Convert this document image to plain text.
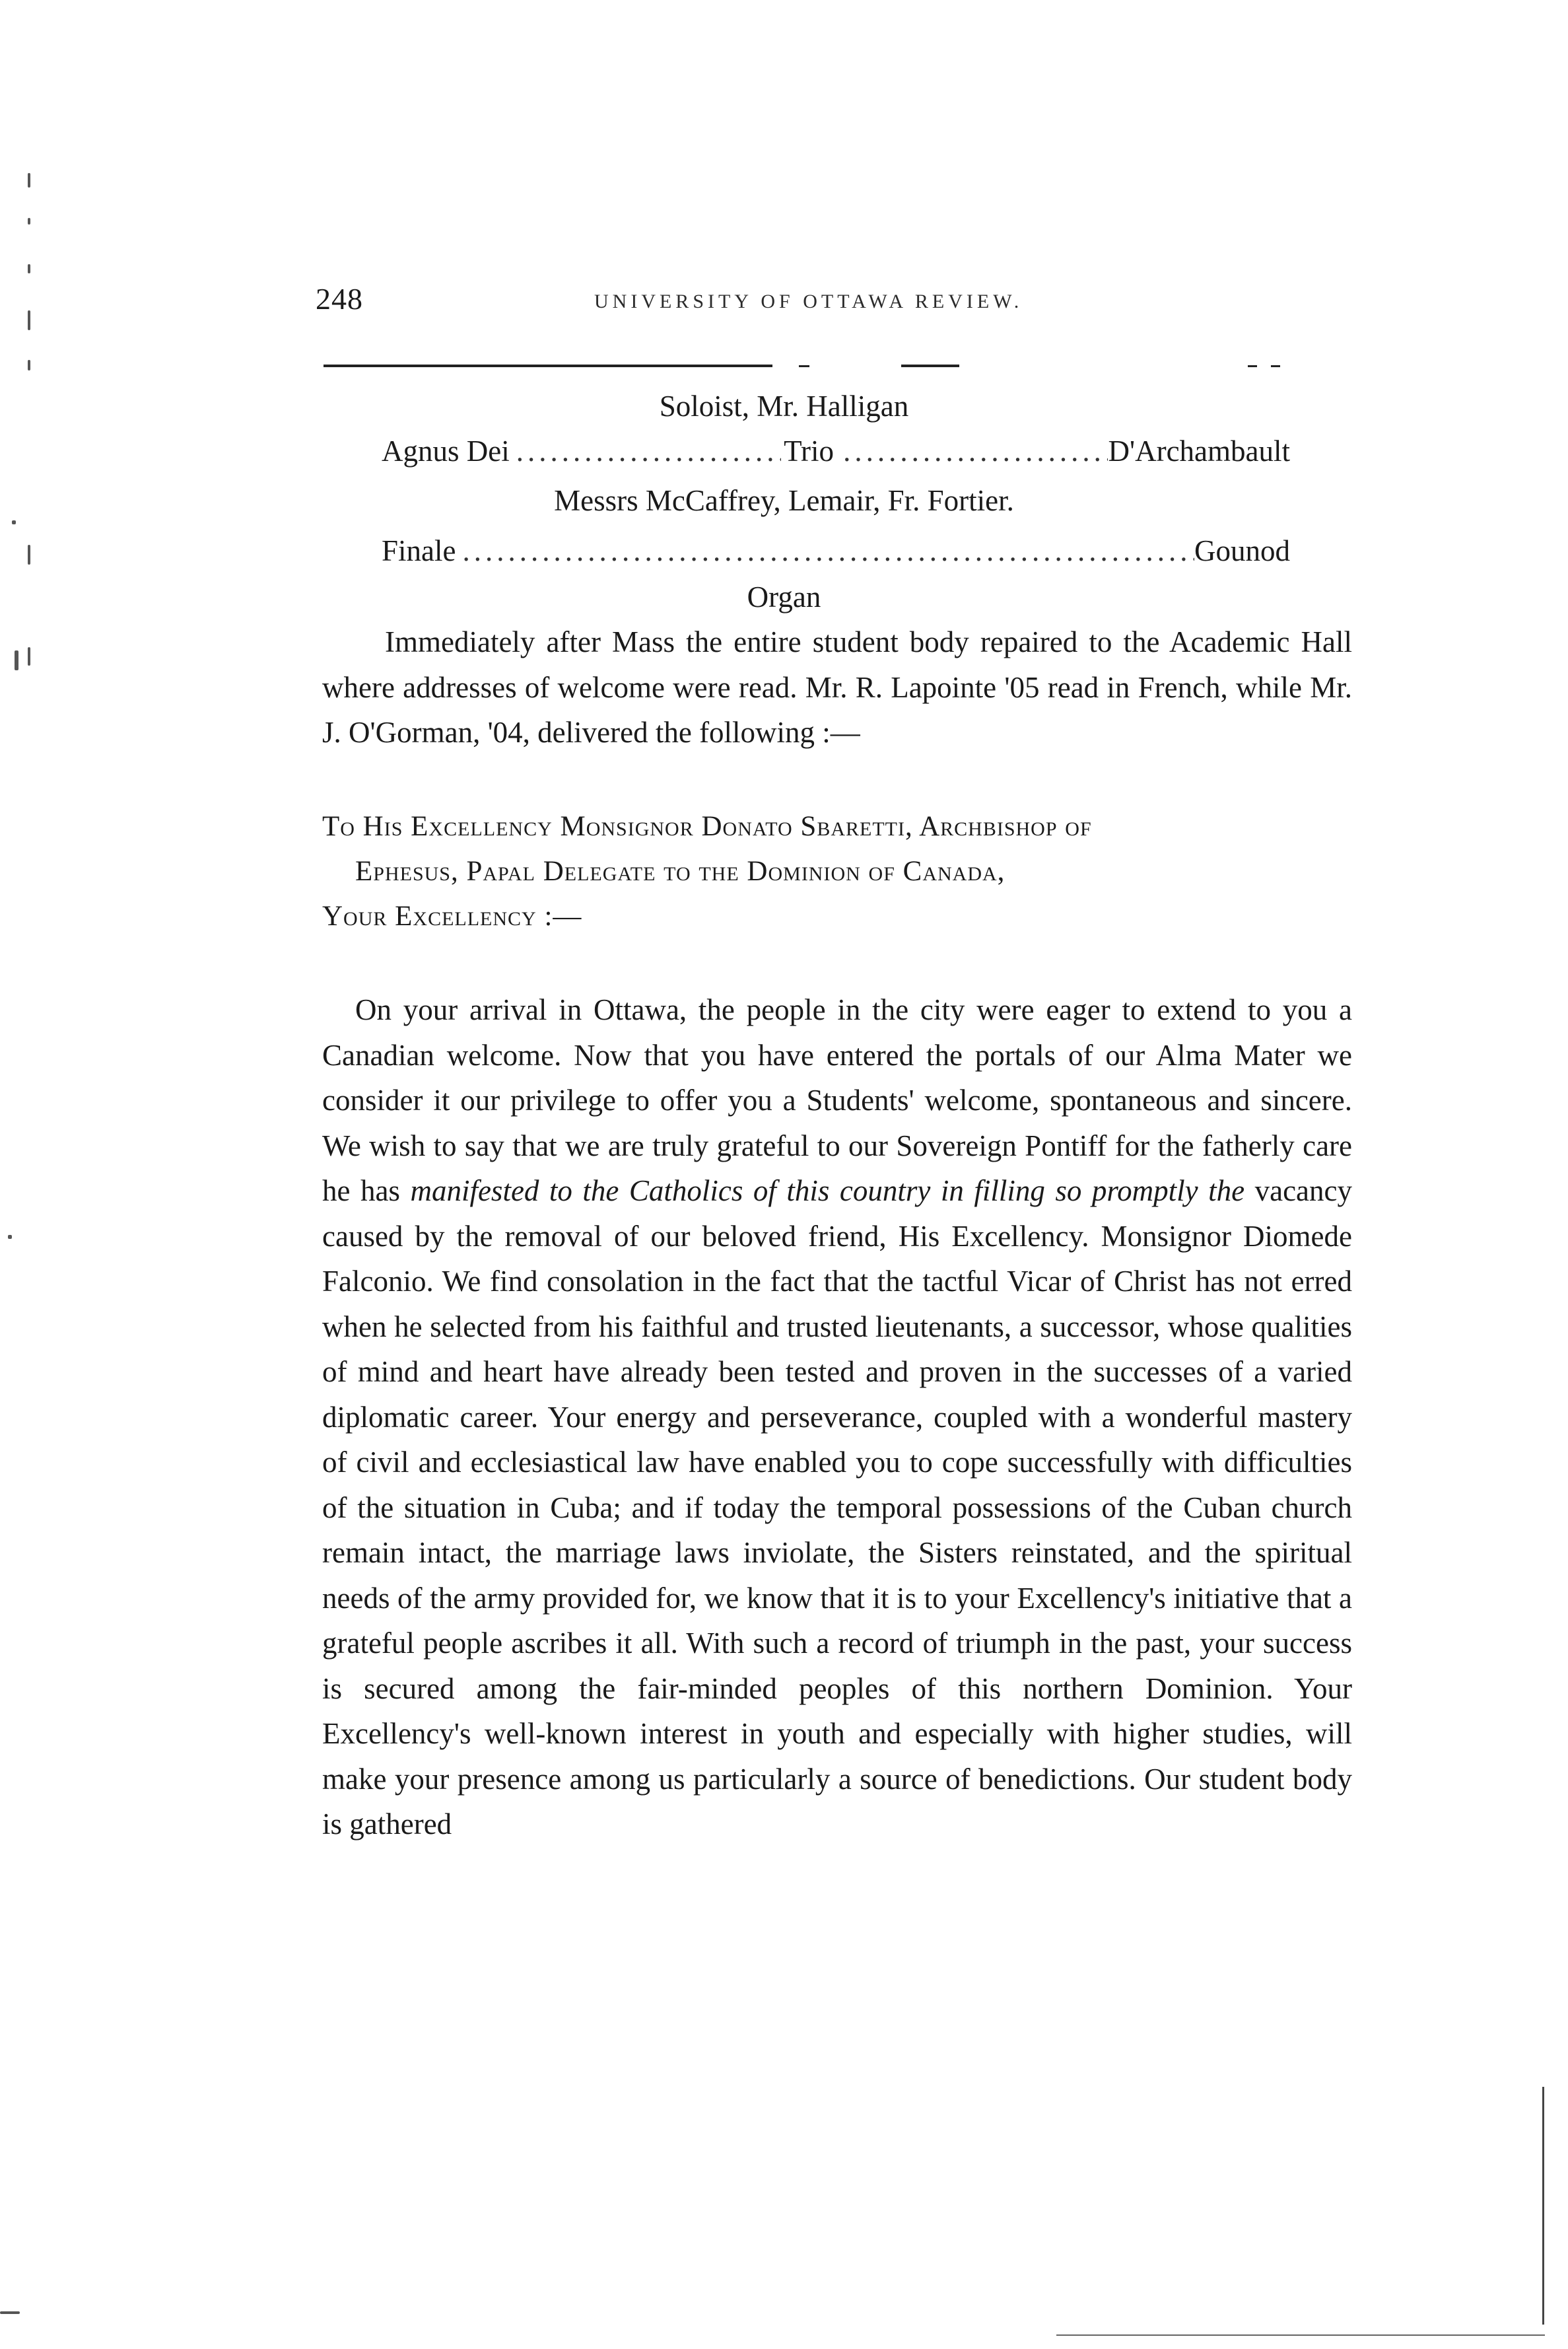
248	UNIVERSITY OF OTTAWA REVIEW.
Soloist, Mr. Halligan
Agnus Dei .....	Trio .....	D'Archambault
Messrs McCaffrey, Lemair, Fr. Fortier.
Finale .....	Gounod
Organ

Immediately after Mass the entire student body repaired to the Academic Hall where addresses of welcome were read. Mr. R. Lapointe '05 read in French, while Mr. J. O'Gorman, '04, delivered the following :—

To His Excellency Monsignor Donato Sbaretti, Archbishop of
Ephesus, Papal Delegate to the Dominion of Canada,
Your Excellency :—

On your arrival in Ottawa, the people in the city were eager to extend to you a Canadian welcome. Now that you have entered the portals of our Alma Mater we consider it our privilege to offer you a Students' welcome, spontaneous and sincere. We wish to say that we are truly grateful to our Sovereign Pontiff for the fatherly care he has manifested to the Catholics of this country in filling so promptly the vacancy caused by the removal of our beloved friend, His Excellency. Monsignor Diomede Falconio. We find consolation in the fact that the tactful Vicar of Christ has not erred when he selected from his faithful and trusted lieutenants, a successor, whose qualities of mind and heart have already been tested and proven in the successes of a varied diplomatic career. Your energy and perseverance, coupled with a wonderful mastery of civil and ecclesiastical law have enabled you to cope successfully with difficulties of the situation in Cuba; and if today the temporal possessions of the Cuban church remain intact, the marriage laws inviolate, the Sisters reinstated, and the spiritual needs of the army provided for, we know that it is to your Excellency's initiative that a grateful people ascribes it all. With such a record of triumph in the past, your success is secured among the fair-minded peoples of this northern Dominion. Your Excellency's well-known interest in youth and especially with higher studies, will make your presence among us particularly a source of benedictions. Our student body is gathered
